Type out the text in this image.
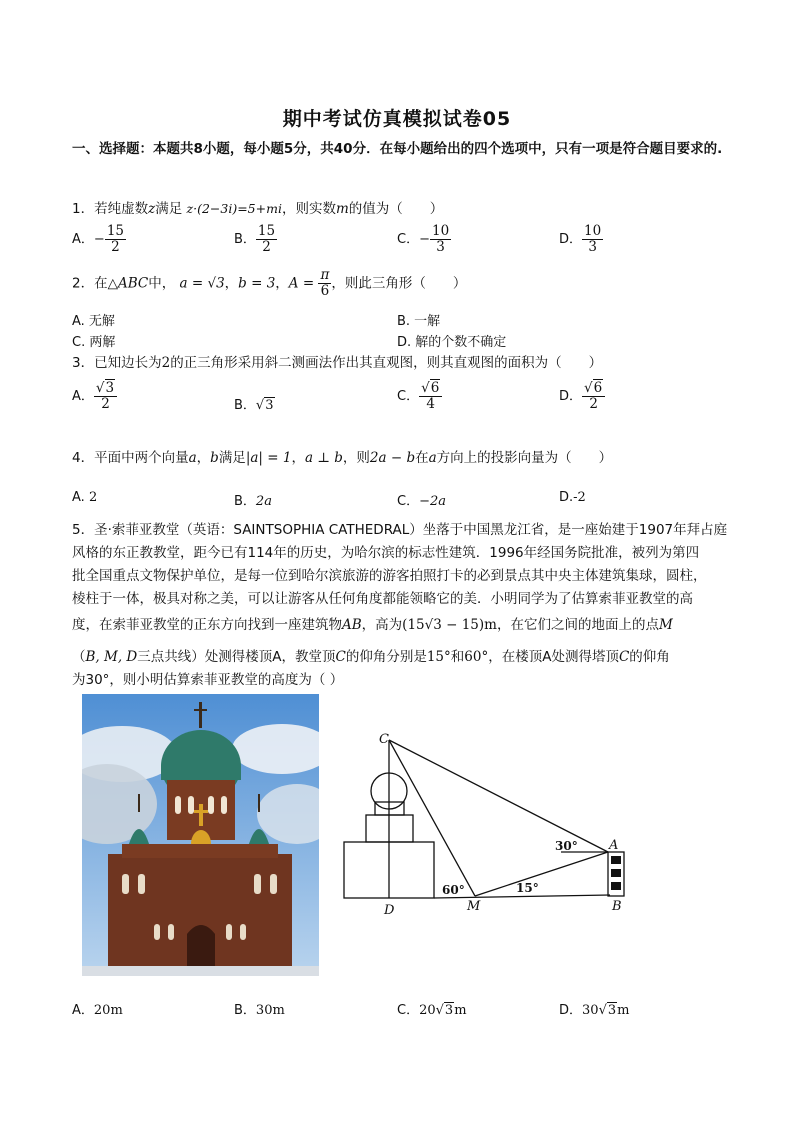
期中考试仿真模拟试卷05
一、选择题：本题共8小题，每小题5分，共40分．在每小题给出的四个选项中，只有一项是符合题目要求的.
1．若纯虚数z满足 z·(2−3i)=5+mi，则实数m的值为（　　）
A．− $\frac{15}{2}$	B． $\frac{15}{2}$	C．− $\frac{10}{3}$	D． $\frac{10}{3}$
2．在△ABC中， a = √3，b = 3，$A = \frac{\pi}{6}$ ，则此三角形（　　）
A. 无解	B. 一解
C. 两解	D. 解的个数不确定
3．已知边长为2的正三角形采用斜二测画法作出其直观图，则其直观图的面积为（　　）
A． $\frac{√3}{2}$	B．√3
C． $\frac{√6}{4}$	D． $\frac{√6}{2}$
4．平面中两个向量a，b满足|a| = 1，a ⊥ b，则2a − b在a方向上的投影向量为（　　）
A. 2	B．2a	C．−2a	D.-2
5．圣·索菲亚教堂（英语：SAINTSOPHIA CATHEDRAL）坐落于中国黑龙江省，是一座始建于1907年拜占庭
风格的东正教教堂，距今已有114年的历史，为哈尔滨的标志性建筑．1996年经国务院批准，被列为第四
批全国重点文物保护单位，是每一位到哈尔滨旅游的游客拍照打卡的必到景点其中央主体建筑集球，圆柱，
棱柱于一体，极具对称之美，可以让游客从任何角度都能领略它的美．小明同学为了估算索菲亚教堂的高
度，在索菲亚教堂的正东方向找到一座建筑物AB，高为(15√3 − 15)m，在它们之间的地面上的点M
（B, M, D三点共线）处测得楼顶A，教堂顶C的仰角分别是15°和60°，在楼顶A处测得塔顶C的仰角
为30°，则小明估算索菲亚教堂的高度为（ ）
C
A
D	M	B
30°
60°	15°
A．20m	B．30m	C．20√3m	D．30√3m
